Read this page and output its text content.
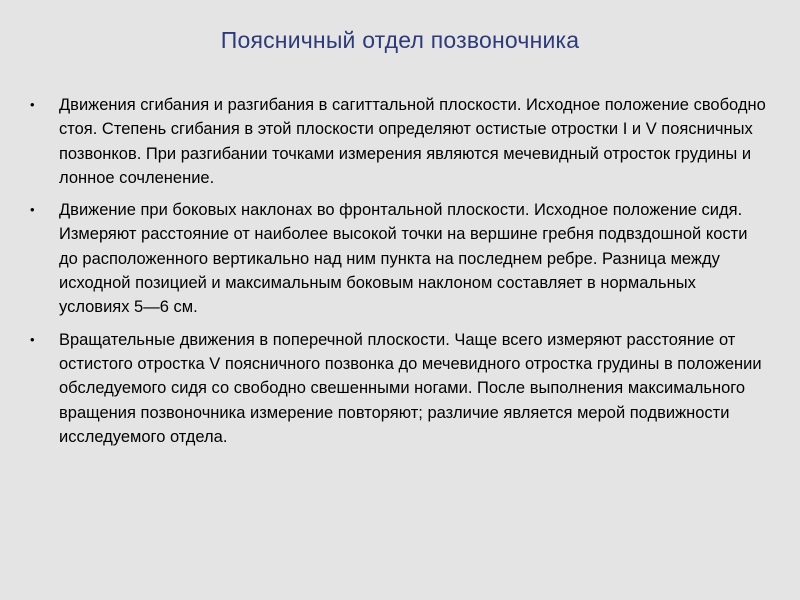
Поясничный отдел позвоночника
• Движения сгибания и разгибания в сагиттальной плоскости. Исходное положение свободно стоя. Степень сгибания в этой плоскости определяют остистые отростки I и V поясничных позвонков. При разгибании точками измерения являются мечевидный отросток грудины и лонное сочленение.
• Движение при боковых наклонах во фронтальной плоскости. Исходное положение сидя. Измеряют расстояние от наиболее высокой точки на вершине гребня подвздошной кости до расположенного вертикально над ним пункта на последнем ребре. Разница между исходной позицией и максимальным боковым наклоном составляет в нормальных условиях 5—6 см.
• Вращательные движения в поперечной плоскости. Чаще всего измеряют расстояние от остистого отростка V поясничного позвонка до мечевидного отростка грудины в положении обследуемого сидя со свободно свешенными ногами. После выполнения максимального вращения позвоночника измерение повторяют; различие является мерой подвижности исследуемого отдела.
